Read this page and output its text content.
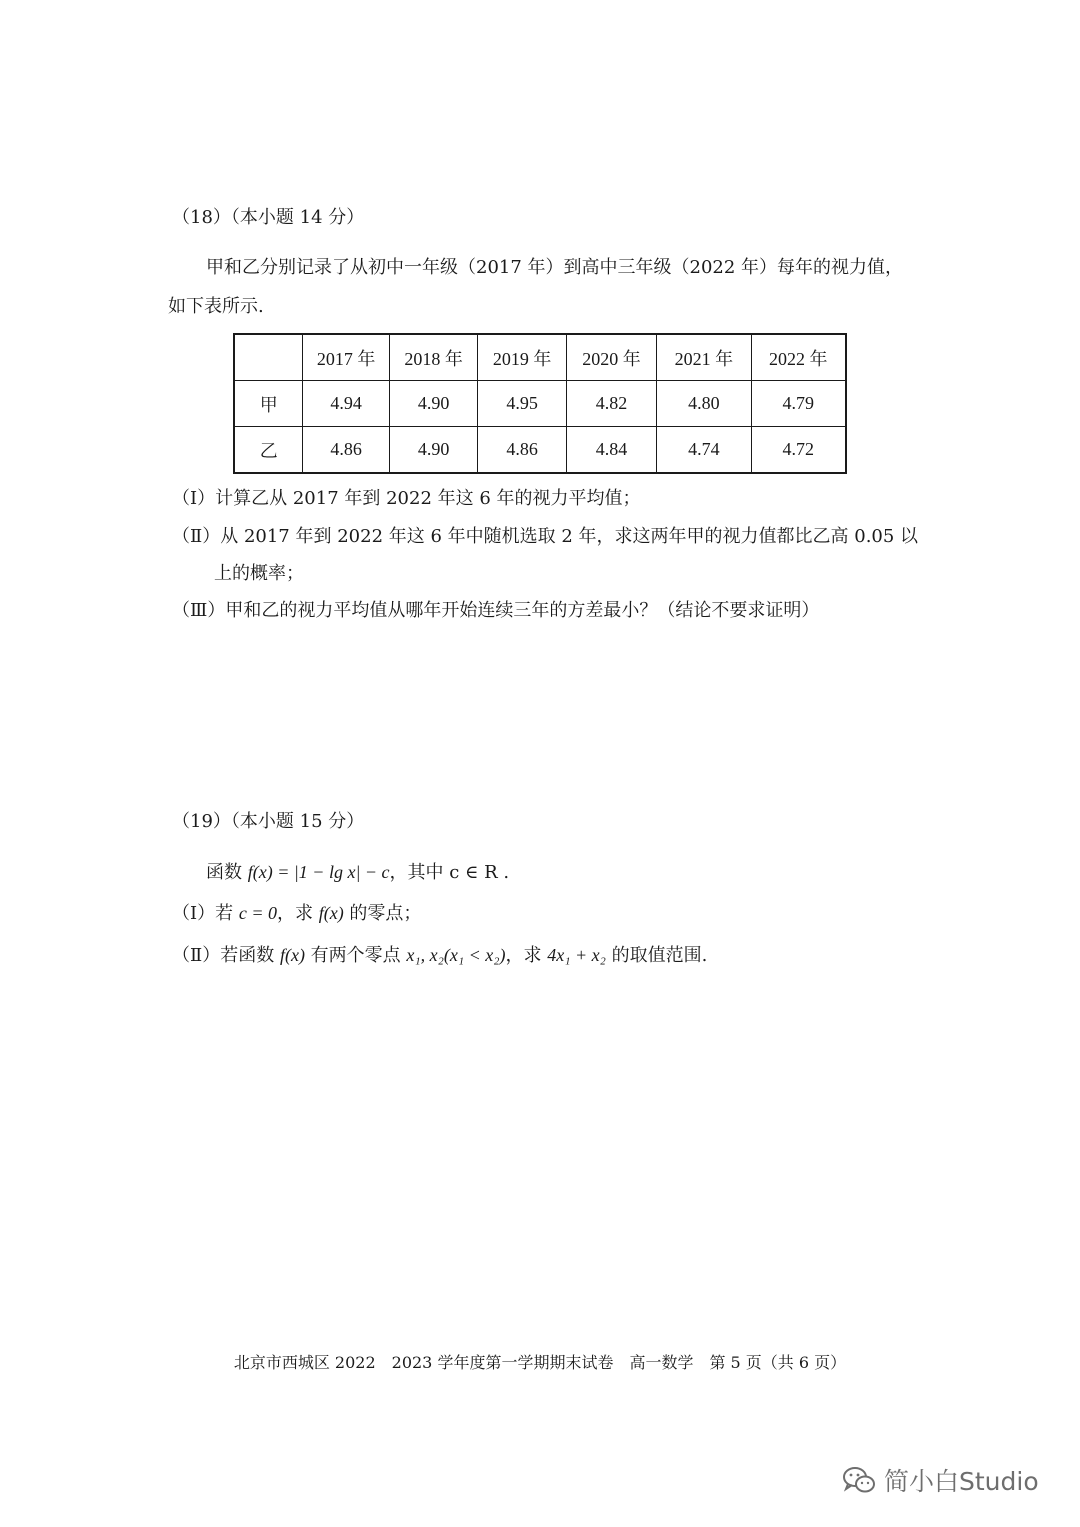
（18）（本小题 14 分）
甲和乙分别记录了从初中一年级（2017 年）到高中三年级（2022 年）每年的视力值，
如下表所示.
	2017 年	2018 年	2019 年	2020 年	2021 年	2022 年
甲	4.94	4.90	4.95	4.82	4.80	4.79
乙	4.86	4.90	4.86	4.84	4.74	4.72
（Ⅰ）计算乙从 2017 年到 2022 年这 6 年的视力平均值；
（Ⅱ）从 2017 年到 2022 年这 6 年中随机选取 2 年，求这两年甲的视力值都比乙高 0.05 以
上的概率；
（Ⅲ）甲和乙的视力平均值从哪年开始连续三年的方差最小？（结论不要求证明）
（19）（本小题 15 分）
函数 f(x) = |1 − lg x| − c，其中 c ∈ R .
（Ⅰ）若 c = 0，求 f(x) 的零点；
（Ⅱ）若函数 f(x) 有两个零点 x₁, x₂(x₁ < x₂)，求 4x₁ + x₂ 的取值范围.
北京市西城区 2022　2023 学年度第一学期期末试卷　高一数学　第 5 页（共 6 页）
简小白Studio
